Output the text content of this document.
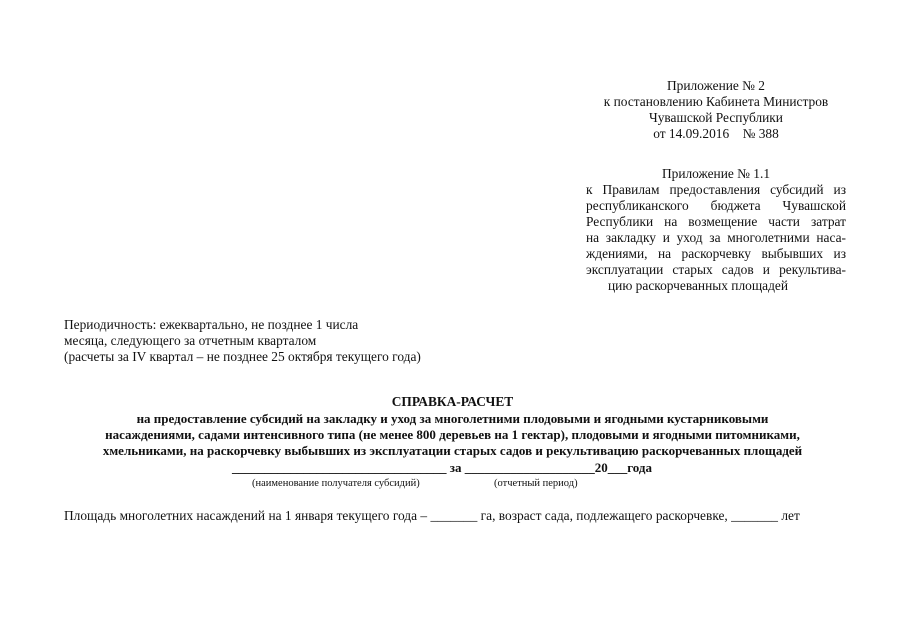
Приложение № 2
к постановлению Кабинета Министров
Чувашской Республики
от 14.09.2016    № 388
Приложение № 1.1
к Правилам предоставления субсидий из
республиканского бюджета Чувашской
Республики на возмещение части затрат
на закладку и уход за многолетними наса-
ждениями, на раскорчевку выбывших из
эксплуатации старых садов и рекультива-
цию раскорчеванных площадей
Периодичность: ежеквартально, не позднее 1 числа
месяца, следующего за отчетным кварталом
(расчеты за IV квартал – не позднее 25 октября текущего года)
СПРАВКА-РАСЧЕТ
на предоставление субсидий на закладку и уход за многолетними плодовыми и ягодными кустарниковыми
насаждениями, садами интенсивного типа (не менее 800 деревьев на 1 гектар), плодовыми и ягодными питомниками,
хмельниками, на раскорчевку выбывших из эксплуатации старых садов и рекультивацию раскорчеванных площадей
_________________________________ за ____________________20___года
(наименование получателя субсидий)	(отчетный период)
Площадь многолетних насаждений на 1 января текущего года – _______ га, возраст сада, подлежащего раскорчевке, _______ лет
